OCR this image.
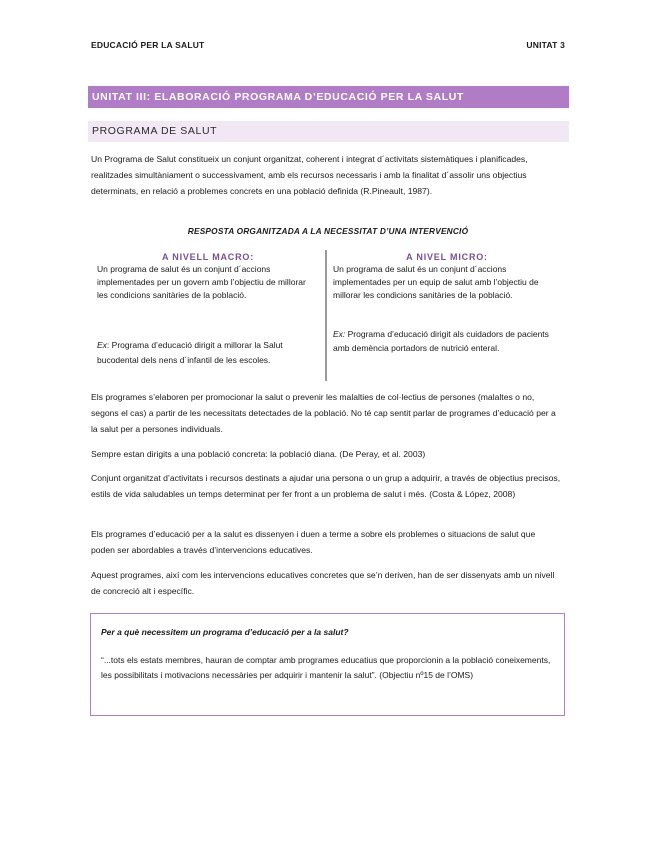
EDUCACIÓ PER LA SALUT	UNITAT 3
UNITAT III: ELABORACIÓ PROGRAMA D’EDUCACIÓ PER LA SALUT
PROGRAMA DE SALUT

Un Programa de Salut constitueix un conjunt organitzat, coherent i integrat d´activitats sistemàtiques i planificades, realitzades simultàniament o successivament, amb els recursos necessaris i amb la finalitat d´assolir uns objectius determinats, en relació a problemes concrets en una població definida (R.Pineault, 1987).

RESPOSTA ORGANITZADA A LA NECESSITAT D’UNA INTERVENCIÓ
A NIVELL MACRO:

Un programa de salut és un conjunt d´accions implementades per un govern amb l’objectiu de millorar les condicions sanitàries de la població.

Ex: Programa d’educació dirigit a millorar la Salut bucodental dels nens d´infantil de les escoles.

A NIVEL MICRO:

Un programa de salut és un conjunt d´accions implementades per un equip de salut amb l’objectiu de millorar les condicions sanitàries de la població.

Ex: Programa d’educació dirigit als cuidadors de pacients amb demència portadors de nutrició enteral.

Els programes s’elaboren per promocionar la salut o prevenir les malalties de col·lectius de persones (malaltes o no, segons el cas) a partir de les necessitats detectades de la població. No té cap sentit parlar de programes d’educació per a la salut per a persones individuals.

Sempre estan dirigits a una població concreta: la població diana. (De Peray, et al. 2003)

Conjunt organitzat d’activitats i recursos destinats a ajudar una persona o un grup a adquirir, a través de objectius precisos, estils de vida saludables un temps determinat per fer front a un problema de salut i més. (Costa & López, 2008)

Els programes d’educació per a la salut es dissenyen i duen a terme a sobre els problemes o situacions de salut que poden ser abordables a través d’intervencions educatives.

Aquest programes, així com les intervencions educatives concretes que se’n deriven, han de ser dissenyats amb un nivell de concreció alt i específic.

Per a què necessitem un programa d’educació per a la salut?

“...tots els estats membres, hauran de comptar amb programes educatius que proporcionin a la població coneixements, les possibilitats i motivacions necessàries per adquirir i mantenir la salut”. (Objectiu nº15 de l’OMS)
